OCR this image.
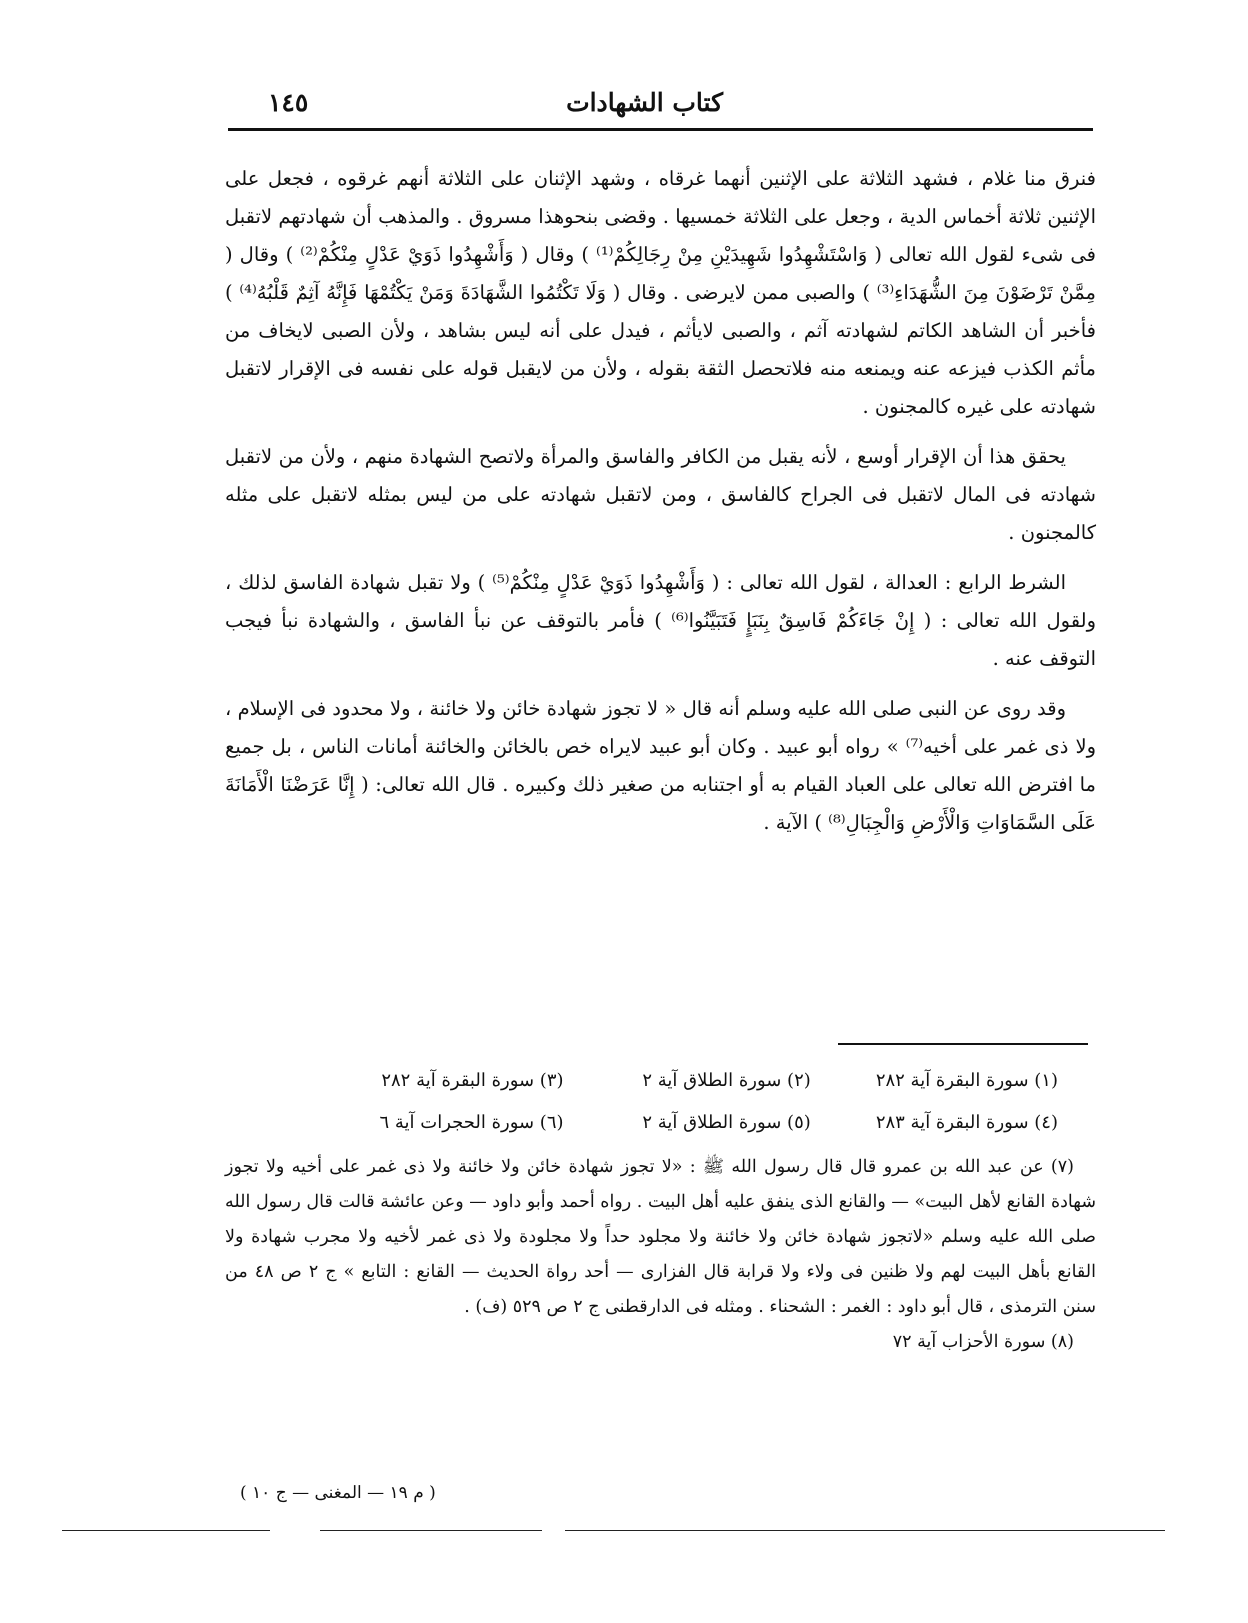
كتاب الشهادات
١٤٥

فنرق منا غلام ، فشهد الثلاثة على الإثنين أنهما غرقاه ، وشهد الإثنان على الثلاثة أنهم غرقوه ، فجعل على الإثنين ثلاثة أخماس الدية ، وجعل على الثلاثة خمسيها . وقضى بنحوهذا مسروق . والمذهب أن شهادتهم لاتقبل فى شىء لقول الله تعالى ( وَاسْتَشْهِدُوا شَهِيدَيْنِ مِنْ رِجَالِكُمْ⁽¹⁾ ) وقال ( وَأَشْهِدُوا ذَوَيْ عَدْلٍ مِنْكُمْ⁽²⁾ ) وقال ( مِمَّنْ تَرْضَوْنَ مِنَ الشُّهَدَاءِ⁽³⁾ ) والصبى ممن لايرضى . وقال ( وَلَا تَكْتُمُوا الشَّهَادَةَ وَمَنْ يَكْتُمْهَا فَإِنَّهُ آثِمٌ قَلْبُهُ⁽⁴⁾ ) فأخبر أن الشاهد الكاتم لشهادته آثم ، والصبى لايأثم ، فيدل على أنه ليس بشاهد ، ولأن الصبى لايخاف من مأثم الكذب فيزعه عنه ويمنعه منه فلاتحصل الثقة بقوله ، ولأن من لايقبل قوله على نفسه فى الإقرار لاتقبل شهادته على غيره كالمجنون .

يحقق هذا أن الإقرار أوسع ، لأنه يقبل من الكافر والفاسق والمرأة ولاتصح الشهادة منهم ، ولأن من لاتقبل شهادته فى المال لاتقبل فى الجراح كالفاسق ، ومن لاتقبل شهادته على من ليس بمثله لاتقبل على مثله كالمجنون .

الشرط الرابع : العدالة ، لقول الله تعالى : ( وَأَشْهِدُوا ذَوَيْ عَدْلٍ مِنْكُمْ⁽⁵⁾ ) ولا تقبل شهادة الفاسق لذلك ، ولقول الله تعالى : ( إِنْ جَاءَكُمْ فَاسِقٌ بِنَبَإٍ فَتَبَيَّنُوا⁽⁶⁾ ) فأمر بالتوقف عن نبأ الفاسق ، والشهادة نبأ فيجب التوقف عنه .

وقد روى عن النبى صلى الله عليه وسلم أنه قال « لا تجوز شهادة خائن ولا خائنة ، ولا محدود فى الإسلام ، ولا ذى غمر على أخيه⁽⁷⁾ » رواه أبو عبيد . وكان أبو عبيد لايراه خص بالخائن والخائنة أمانات الناس ، بل جميع ما افترض الله تعالى على العباد القيام به أو اجتنابه من صغير ذلك وكبيره . قال الله تعالى: ( إِنَّا عَرَضْنَا الْأَمَانَةَ عَلَى السَّمَاوَاتِ وَالْأَرْضِ وَالْجِبَالِ⁽⁸⁾ ) الآية .

(١) سورة البقرة آية ٢٨٢
(٢) سورة الطلاق آية ٢
(٣) سورة البقرة آية ٢٨٢
(٤) سورة البقرة آية ٢٨٣
(٥) سورة الطلاق آية ٢
(٦) سورة الحجرات آية ٦

(٧) عن عبد الله بن عمرو قال قال رسول الله ﷺ : «لا تجوز شهادة خائن ولا خائنة ولا ذى غمر على أخيه ولا تجوز شهادة القانع لأهل البيت» — والقانع الذى ينفق عليه أهل البيت . رواه أحمد وأبو داود — وعن عائشة قالت قال رسول الله صلى الله عليه وسلم «لاتجوز شهادة خائن ولا خائنة ولا مجلود حداً ولا مجلودة ولا ذى غمر لأخيه ولا مجرب شهادة ولا القانع بأهل البيت لهم ولا ظنين فى ولاء ولا قرابة قال الفزارى — أحد رواة الحديث — القانع : التابع » ج ٢ ص ٤٨ من سنن الترمذى ، قال أبو داود : الغمر : الشحناء . ومثله فى الدارقطنى ج ٢ ص ٥٢٩ (ف) .

(٨) سورة الأحزاب آية ٧٢

( م ١٩ — المغنى — ج ١٠ )
